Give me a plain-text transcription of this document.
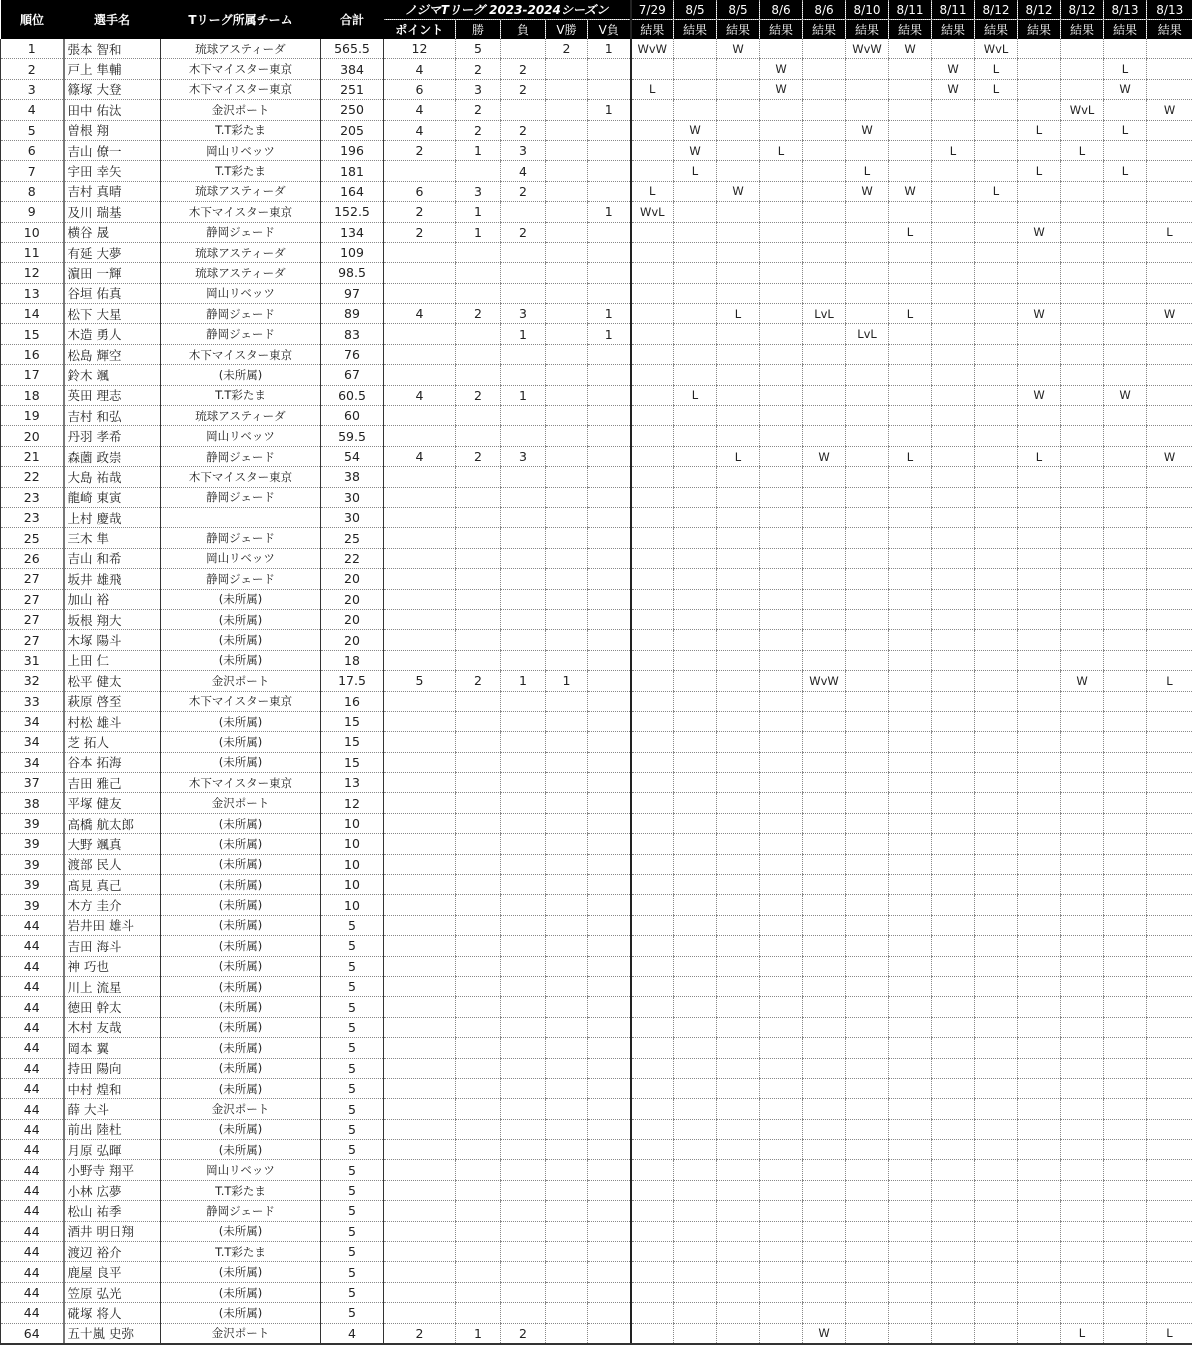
順位	選手名	Tリーグ所属チーム	合計	ノジマTリーグ 2023-2024シーズン					7/29	8/5	8/5	8/6	8/6	8/10	8/11	8/11	8/12	8/12	8/12	8/13	8/13
				ポイント	勝	負	V勝	V負	結果	結果	結果	結果	結果	結果	結果	結果	結果	結果	結果	結果	結果
1	張本 智和	琉球アスティーダ	565.5	12	5		2	1	WvW		W			WvW	W		WvL				
2	戸上 隼輔	木下マイスター東京	384	4	2	2						W				W	L			L	
3	篠塚 大登	木下マイスター東京	251	6	3	2			L			W				W	L			W	
4	田中 佑汰	金沢ポート	250	4	2			1											WvL		W
5	曽根 翔	T.T彩たま	205	4	2	2				W				W				L		L	
6	吉山 僚一	岡山リベッツ	196	2	1	3				W		L				L			L		
7	宇田 幸矢	T.T彩たま	181			4				L				L				L		L	
8	吉村 真晴	琉球アスティーダ	164	6	3	2			L		W			W	W		L				
9	及川 瑞基	木下マイスター東京	152.5	2	1			1	WvL												
10	横谷 晟	静岡ジェード	134	2	1	2									L			W			L
11	有延 大夢	琉球アスティーダ	109																		
12	濵田 一輝	琉球アスティーダ	98.5																		
13	谷垣 佑真	岡山リベッツ	97																		
14	松下 大星	静岡ジェード	89	4	2	3		1			L		LvL		L			W			W
15	木造 勇人	静岡ジェード	83			1		1						LvL							
16	松島 輝空	木下マイスター東京	76																		
17	鈴木 颯	(未所属)	67																		
18	英田 理志	T.T彩たま	60.5	4	2	1				L								W		W	
19	吉村 和弘	琉球アスティーダ	60																		
20	丹羽 孝希	岡山リベッツ	59.5																		
21	森薗 政崇	静岡ジェード	54	4	2	3					L		W		L			L			W
22	大島 祐哉	木下マイスター東京	38																		
23	龍崎 東寅	静岡ジェード	30																		
23	上村 慶哉		30																		
25	三木 隼	静岡ジェード	25																		
26	吉山 和希	岡山リベッツ	22																		
27	坂井 雄飛	静岡ジェード	20																		
27	加山 裕	(未所属)	20																		
27	坂根 翔大	(未所属)	20																		
27	木塚 陽斗	(未所属)	20																		
31	上田 仁	(未所属)	18																		
32	松平 健太	金沢ポート	17.5	5	2	1	1						WvW						W		L
33	萩原 啓至	木下マイスター東京	16																		
34	村松 雄斗	(未所属)	15																		
34	芝 拓人	(未所属)	15																		
34	谷本 拓海	(未所属)	15																		
37	吉田 雅己	木下マイスター東京	13																		
38	平塚 健友	金沢ポート	12																		
39	高橋 航太郎	(未所属)	10																		
39	大野 颯真	(未所属)	10																		
39	渡部 民人	(未所属)	10																		
39	髙見 真己	(未所属)	10																		
39	木方 圭介	(未所属)	10																		
44	岩井田 雄斗	(未所属)	5																		
44	吉田 海斗	(未所属)	5																		
44	神 巧也	(未所属)	5																		
44	川上 流星	(未所属)	5																		
44	徳田 幹太	(未所属)	5																		
44	木村 友哉	(未所属)	5																		
44	岡本 翼	(未所属)	5																		
44	持田 陽向	(未所属)	5																		
44	中村 煌和	(未所属)	5																		
44	薛 大斗	金沢ポート	5																		
44	前出 陸杜	(未所属)	5																		
44	月原 弘暉	(未所属)	5																		
44	小野寺 翔平	岡山リベッツ	5																		
44	小林 広夢	T.T彩たま	5																		
44	松山 祐季	静岡ジェード	5																		
44	酒井 明日翔	(未所属)	5																		
44	渡辺 裕介	T.T彩たま	5																		
44	鹿屋 良平	(未所属)	5																		
44	笠原 弘光	(未所属)	5																		
44	硴塚 将人	(未所属)	5																		
64	五十嵐 史弥	金沢ポート	4	2	1	2							W						L		L
